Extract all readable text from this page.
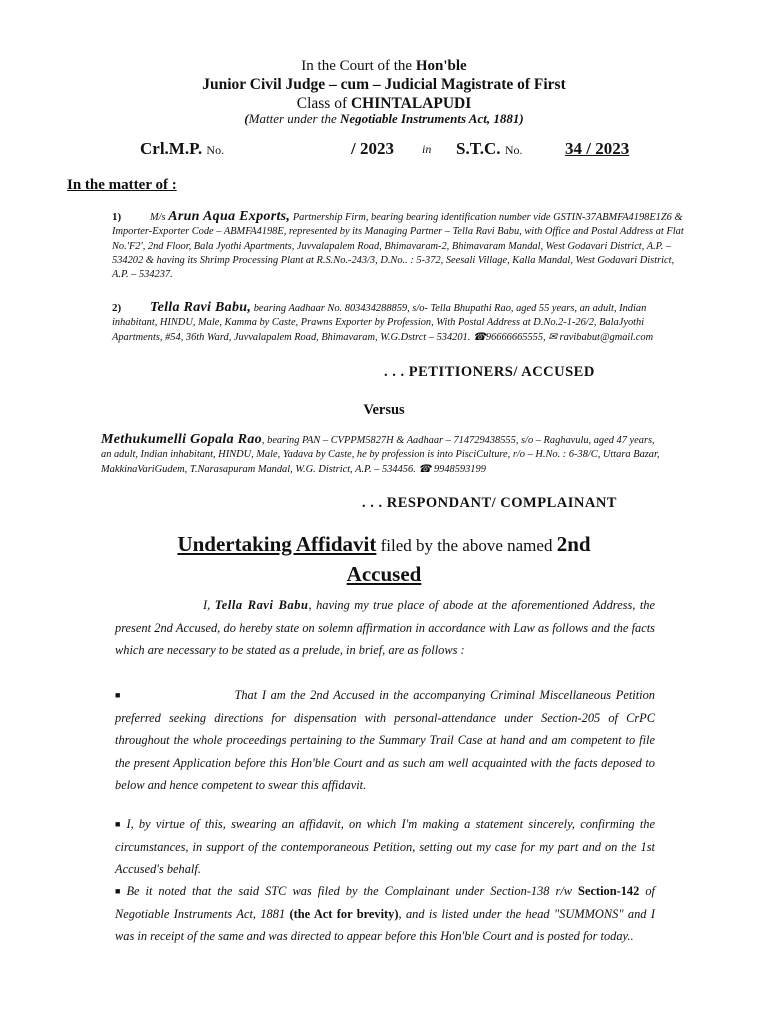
In the Court of the Hon'ble
Junior Civil Judge – cum – Judicial Magistrate of First
Class of CHINTALAPUDI
(Matter under the Negotiable Instruments Act, 1881)
Crl.M.P. No.	/ 2023 in S.T.C. No.	34 / 2023
In the matter of :
1)	M/s Arun Aqua Exports, Partnership Firm, bearing bearing identification number vide GSTIN-37ABMFA4198E1Z6 & Importer-Exporter Code – ABMFA4198E, represented by its Managing Partner – Tella Ravi Babu, with Office and Postal Address at Flat No.'F2', 2nd Floor, Bala Jyothi Apartments, Juvvalapalem Road, Bhimavaram-2, Bhimavaram Mandal, West Godavari District, A.P. – 534202 & having its Shrimp Processing Plant at R.S.No.-243/3, D.No.. : 5-372, Seesali Village, Kalla Mandal, West Godavari District, A.P. – 534237.
2) Tella Ravi Babu, bearing Aadhaar No. 803434288859, s/o- Tella Bhupathi Rao, aged 55 years, an adult, Indian inhabitant, HINDU, Male, Kamma by Caste, Prawns Exporter by Profession, With Postal Address at D.No.2-1-26/2, BalaJyothi Apartments, #54, 36th Ward, Juvvalapalem Road, Bhimavaram, W.G.Dstrct – 534201. ☎96666665555, ✉ ravibabut@gmail.com
. . . PETITIONERS/ ACCUSED
Versus
Methukumelli Gopala Rao, bearing PAN – CVPPM5827H & Aadhaar – 714729438555, s/o – Raghavulu, aged 47 years, an adult, Indian inhabitant, HINDU, Male, Yadava by Caste, he by profession is into PisciCulture, r/o – H.No. : 6-38/C, Uttara Bazar, MakkinaVariGudem, T.Narasapuram Mandal, W.G. District, A.P. – 534456. ☎ 9948593199
. . . RESPONDANT/ COMPLAINANT
Undertaking Affidavit filed by the above named 2nd
Accused
I, Tella Ravi Babu, having my true place of abode at the aforementioned Address, the present 2nd Accused, do hereby state on solemn affirmation in accordance with Law as follows and the facts which are necessary to be stated as a prelude, in brief, are as follows :
■	That I am the 2nd Accused in the accompanying Criminal Miscellaneous Petition preferred seeking directions for dispensation with personal-attendance under Section-205 of CrPC throughout the whole proceedings pertaining to the Summary Trail Case at hand and am competent to file the present Application before this Hon'ble Court and as such am well acquainted with the facts deposed to below and hence competent to swear this affidavit.
■ I, by virtue of this, swearing an affidavit, on which I'm making a statement sincerely, confirming the circumstances, in support of the contemporaneous Petition, setting out my case for my part and on the 1st Accused's behalf.
■ Be it noted that the said STC was filed by the Complainant under Section-138 r/w Section-142 of Negotiable Instruments Act, 1881 (the Act for brevity), and is listed under the head "SUMMONS" and I was in receipt of the same and was directed to appear before this Hon'ble Court and is posted for today..
